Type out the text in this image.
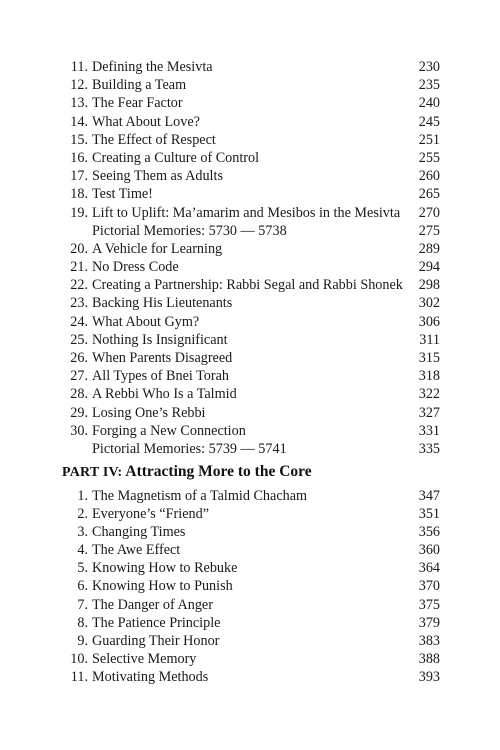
11. Defining the Mesivta	230
12. Building a Team	235
13. The Fear Factor	240
14. What About Love?	245
15. The Effect of Respect	251
16. Creating a Culture of Control	255
17. Seeing Them as Adults	260
18. Test Time!	265
19. Lift to Uplift: Ma’amarim and Mesibos in the Mesivta 270
Pictorial Memories: 5730 — 5738	275
20. A Vehicle for Learning	289
21. No Dress Code	294
22. Creating a Partnership: Rabbi Segal and Rabbi Shonek 298
23. Backing His Lieutenants	302
24. What About Gym?	306
25. Nothing Is Insignificant	311
26. When Parents Disagreed	315
27. All Types of Bnei Torah	318
28. A Rebbi Who Is a Talmid	322
29. Losing One’s Rebbi	327
30. Forging a New Connection	331
Pictorial Memories: 5739 — 5741	335
PART IV: Attracting More to the Core
1. The Magnetism of a Talmid Chacham	347
2. Everyone’s “Friend”	351
3. Changing Times	356
4. The Awe Effect	360
5. Knowing How to Rebuke	364
6. Knowing How to Punish	370
7. The Danger of Anger	375
8. The Patience Principle	379
9. Guarding Their Honor	383
10. Selective Memory	388
11. Motivating Methods	393
